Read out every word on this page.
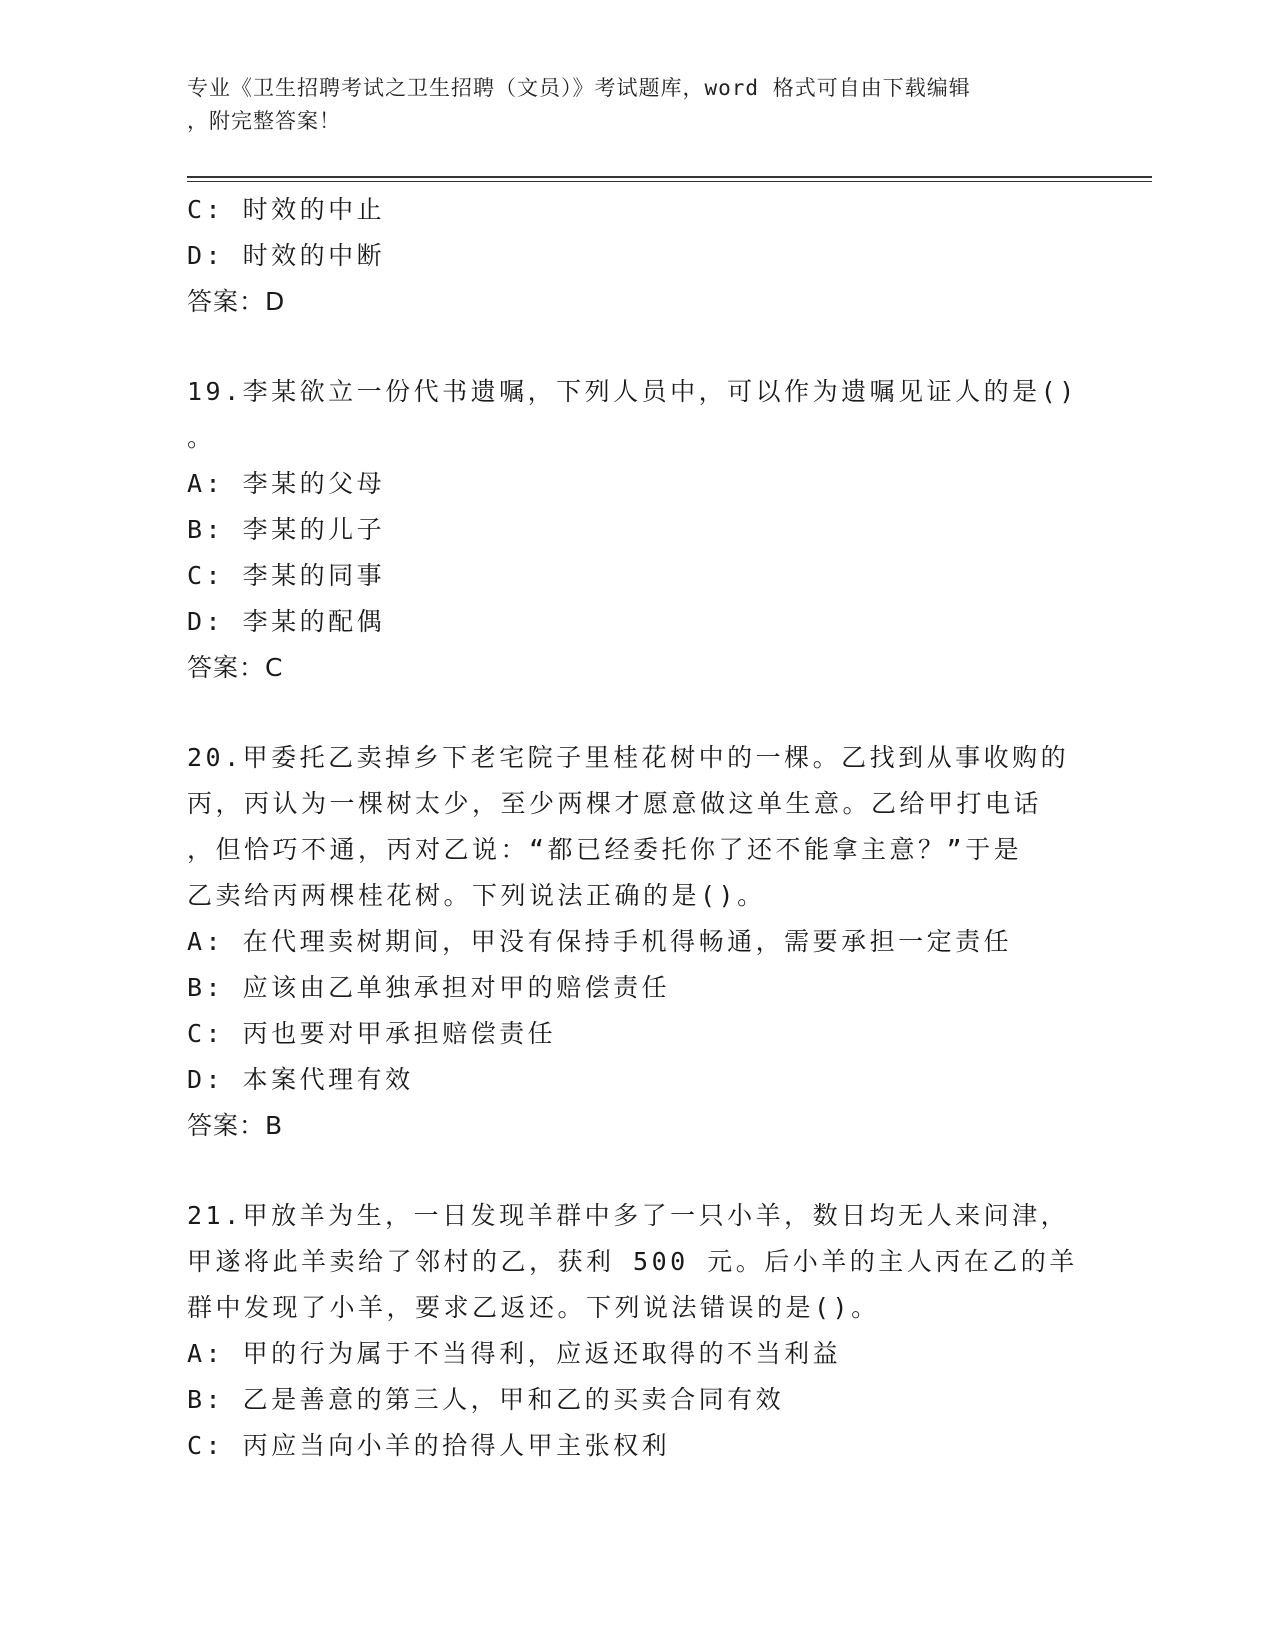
专业《卫生招聘考试之卫生招聘（文员）》考试题库，word 格式可自由下载编辑
，附完整答案！
C: 时效的中止
D: 时效的中断
答案：D
19.李某欲立一份代书遗嘱，下列人员中，可以作为遗嘱见证人的是()
。
A: 李某的父母
B: 李某的儿子
C: 李某的同事
D: 李某的配偶
答案：C
20.甲委托乙卖掉乡下老宅院子里桂花树中的一棵。乙找到从事收购的
丙，丙认为一棵树太少，至少两棵才愿意做这单生意。乙给甲打电话
，但恰巧不通，丙对乙说：“都已经委托你了还不能拿主意？”于是
乙卖给丙两棵桂花树。下列说法正确的是()。
A: 在代理卖树期间，甲没有保持手机得畅通，需要承担一定责任
B: 应该由乙单独承担对甲的赔偿责任
C: 丙也要对甲承担赔偿责任
D: 本案代理有效
答案：B
21.甲放羊为生，一日发现羊群中多了一只小羊，数日均无人来问津，
甲遂将此羊卖给了邻村的乙，获利 500 元。后小羊的主人丙在乙的羊
群中发现了小羊，要求乙返还。下列说法错误的是()。
A: 甲的行为属于不当得利，应返还取得的不当利益
B: 乙是善意的第三人，甲和乙的买卖合同有效
C: 丙应当向小羊的拾得人甲主张权利
